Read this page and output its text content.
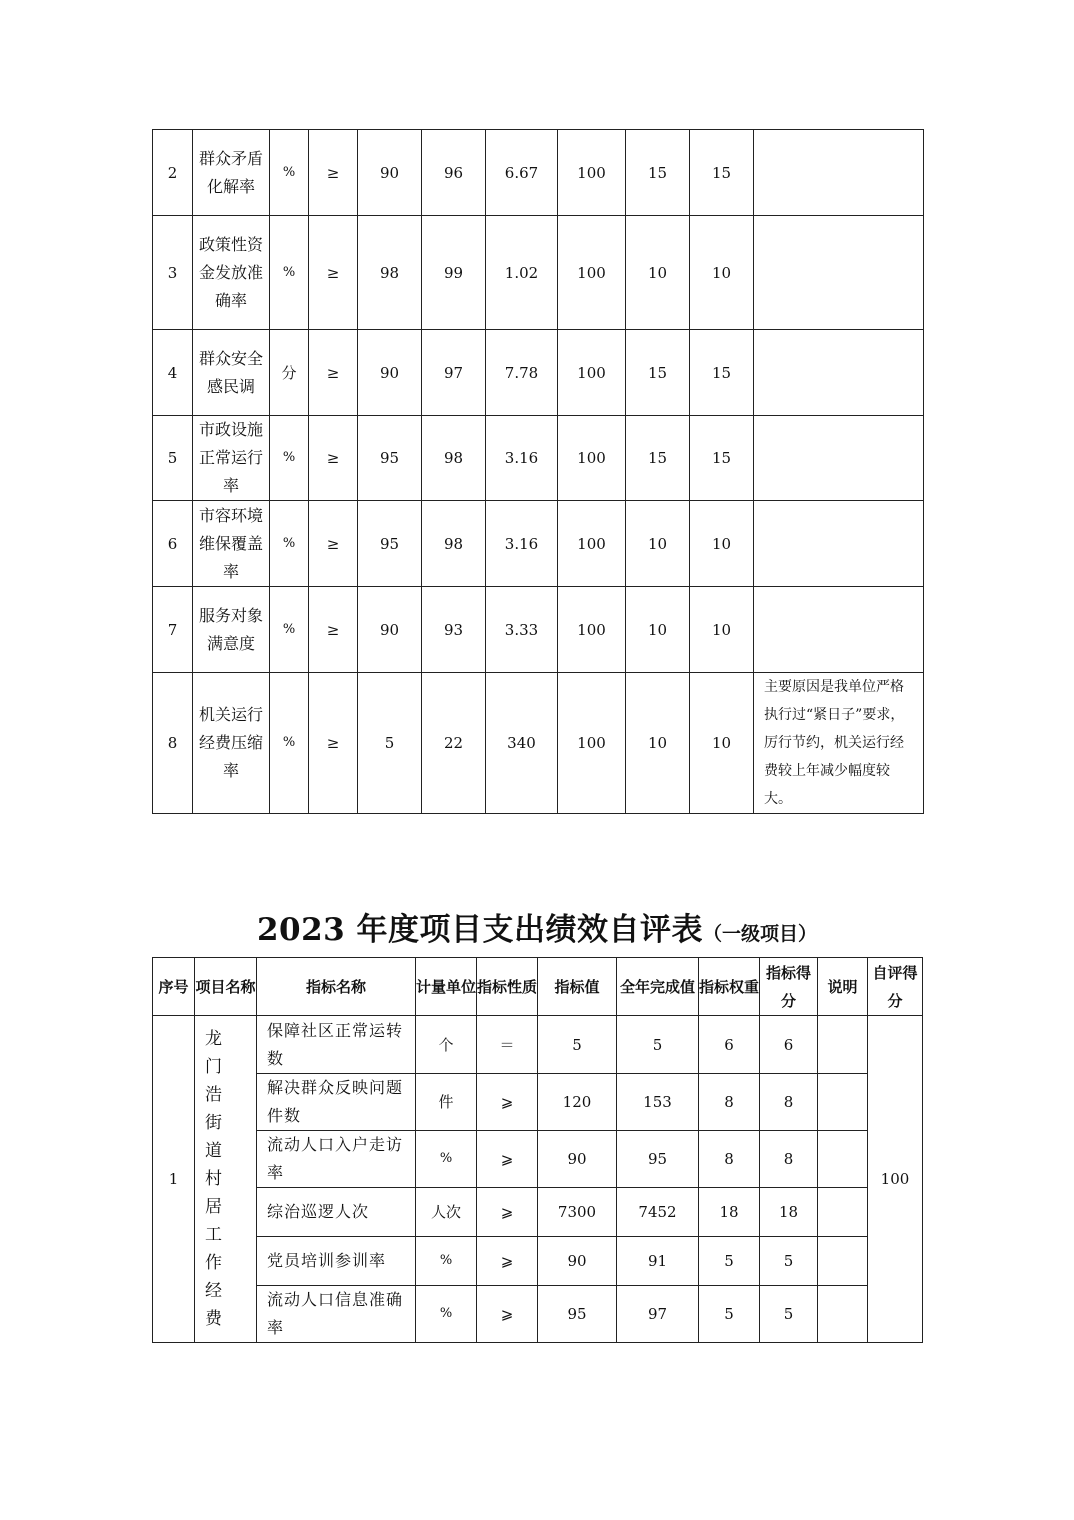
2	群众矛盾化解率	%	≥	90	96	6.67	100	15	15	
3	政策性资金发放准确率	%	≥	98	99	1.02	100	10	10	
4	群众安全感民调	分	≥	90	97	7.78	100	15	15	
5	市政设施正常运行率	%	≥	95	98	3.16	100	15	15	
6	市容环境维保覆盖率	%	≥	95	98	3.16	100	10	10	
7	服务对象满意度	%	≥	90	93	3.33	100	10	10	
8	机关运行经费压缩率	%	≥	5	22	340	100	10	10	主要原因是我单位严格执行过“紧日子”要求，厉行节约，机关运行经费较上年减少幅度较大。
2023 年度项目支出绩效自评表（一级项目）
序号	项目名称	指标名称	计量单位	指标性质	指标值	全年完成值	指标权重	指标得分	说明	自评得分
1	龙门浩街道村居工作经费	保障社区正常运转数	个	＝	5	5	6	6		100
		解决群众反映问题件数	件	⩾	120	153	8	8		
		流动人口入户走访率	%	⩾	90	95	8	8		
		综治巡逻人次	人次	⩾	7300	7452	18	18		
		党员培训参训率	%	⩾	90	91	5	5		
		流动人口信息准确率	%	⩾	95	97	5	5		
